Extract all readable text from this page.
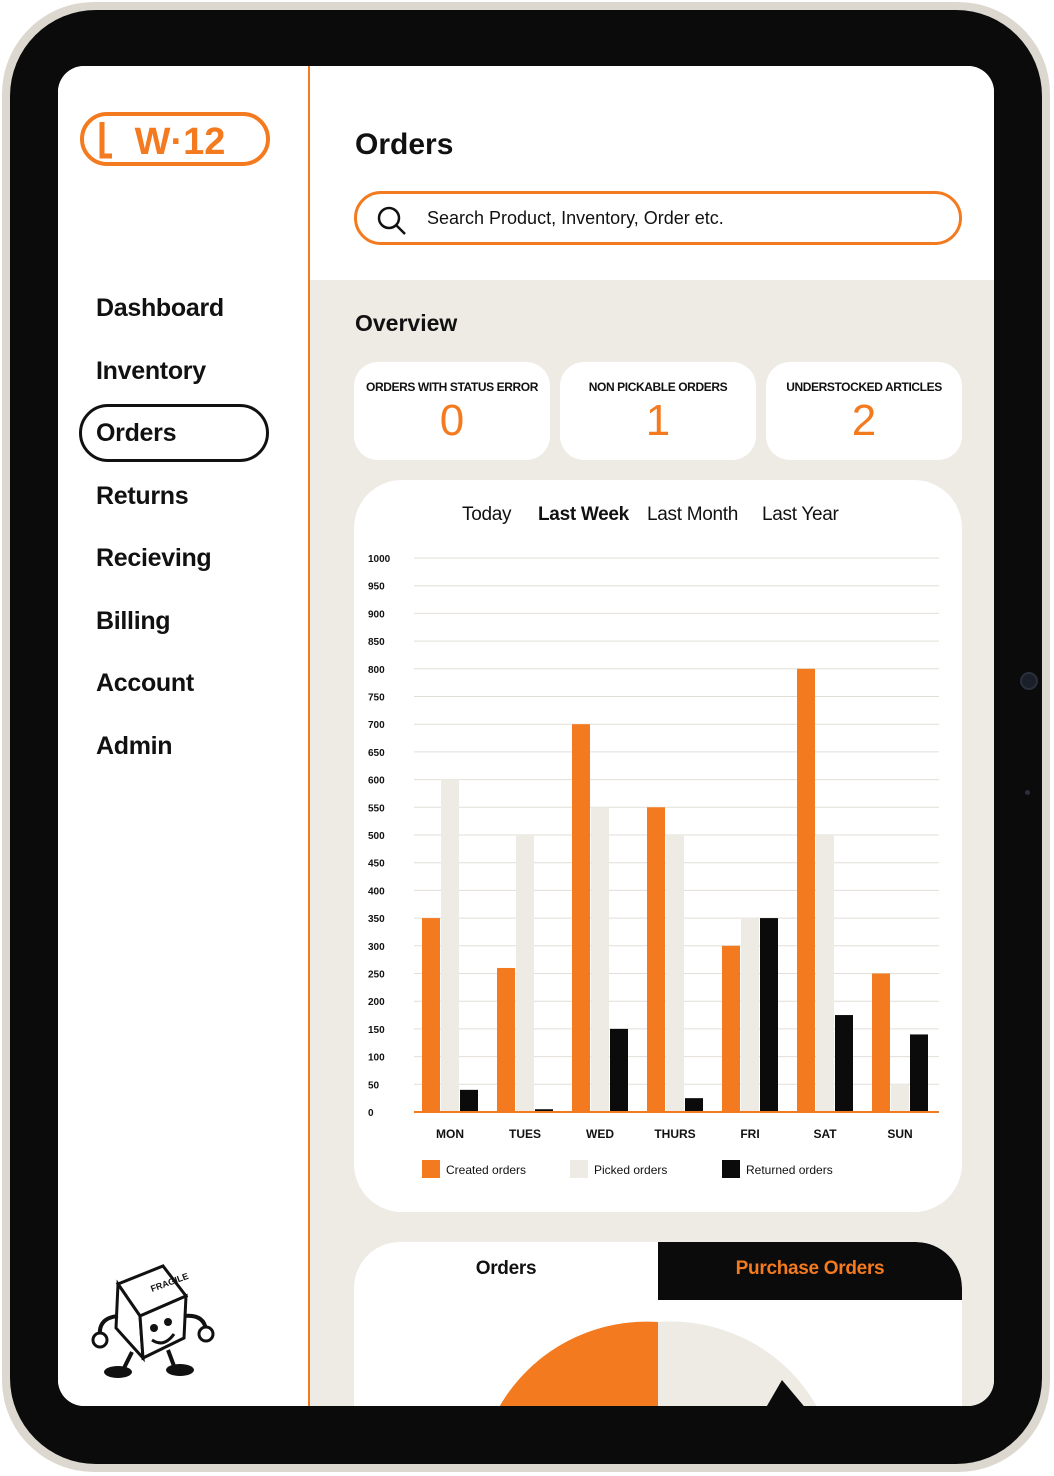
W·12
Dashboard
Inventory
Orders
Returns
Recieving
Billing
Account
Admin
FRAGILE
Orders
Search Product, Inventory, Order etc.
Overview
ORDERS WITH STATUS ERROR
0
NON PICKABLE ORDERS
1
UNDERSTOCKED ARTICLES
2
Today Last Week Last Month Last Year
0
50
100
150
200
250
300
350
400
450
500
550
600
650
700
750
800
850
900
950
1000
MON	TUES	WED	THURS	FRI	SAT	SUN
Created orders	Picked orders	Returned orders
Orders	Purchase Orders
